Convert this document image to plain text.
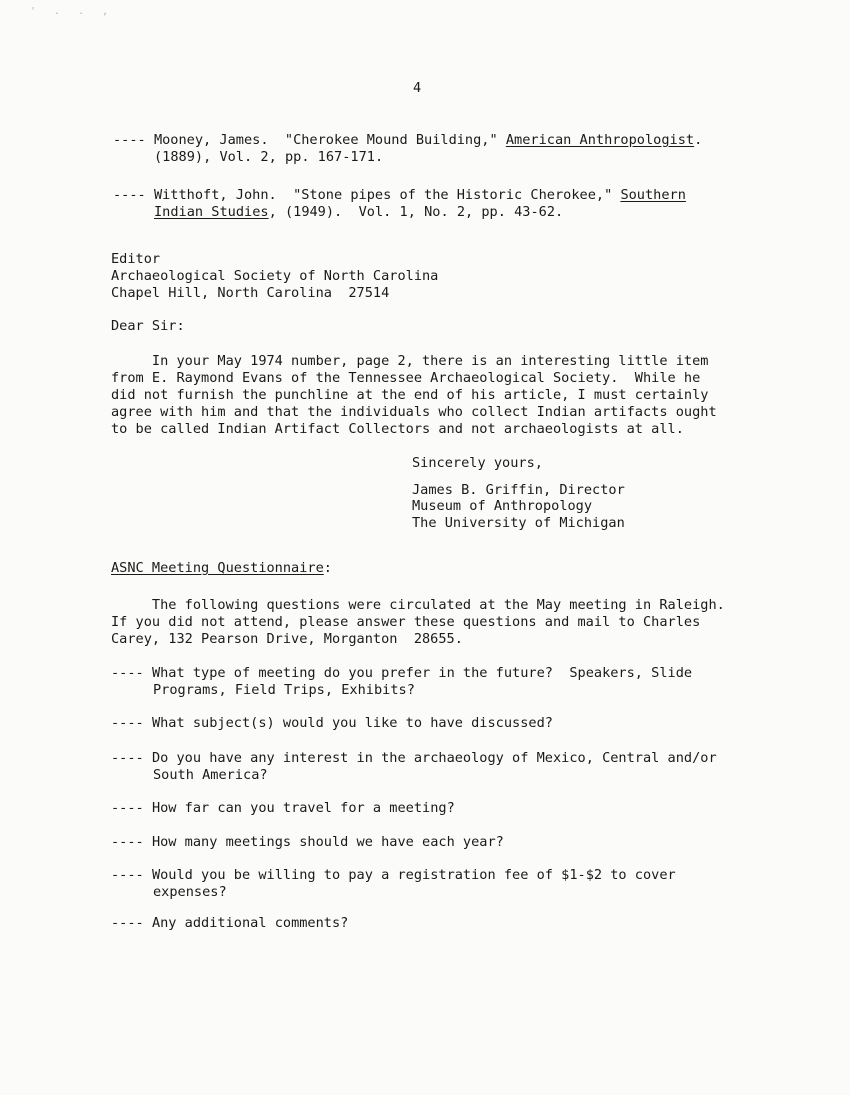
' . . ,
4
---- Mooney, James.  "Cherokee Mound Building," American Anthropologist.
(1889), Vol. 2, pp. 167-171.
---- Witthoft, John.  "Stone pipes of the Historic Cherokee," Southern
Indian Studies, (1949).  Vol. 1, No. 2, pp. 43-62.
Editor
Archaeological Society of North Carolina
Chapel Hill, North Carolina  27514
Dear Sir:
In your May 1974 number, page 2, there is an interesting little item
from E. Raymond Evans of the Tennessee Archaeological Society.  While he
did not furnish the punchline at the end of his article, I must certainly
agree with him and that the individuals who collect Indian artifacts ought
to be called Indian Artifact Collectors and not archaeologists at all.
Sincerely yours,
James B. Griffin, Director
Museum of Anthropology
The University of Michigan
ASNC Meeting Questionnaire:
The following questions were circulated at the May meeting in Raleigh.
If you did not attend, please answer these questions and mail to Charles
Carey, 132 Pearson Drive, Morganton  28655.
---- What type of meeting do you prefer in the future?  Speakers, Slide
Programs, Field Trips, Exhibits?
---- What subject(s) would you like to have discussed?
---- Do you have any interest in the archaeology of Mexico, Central and/or
South America?
---- How far can you travel for a meeting?
---- How many meetings should we have each year?
---- Would you be willing to pay a registration fee of $1-$2 to cover
expenses?
---- Any additional comments?
